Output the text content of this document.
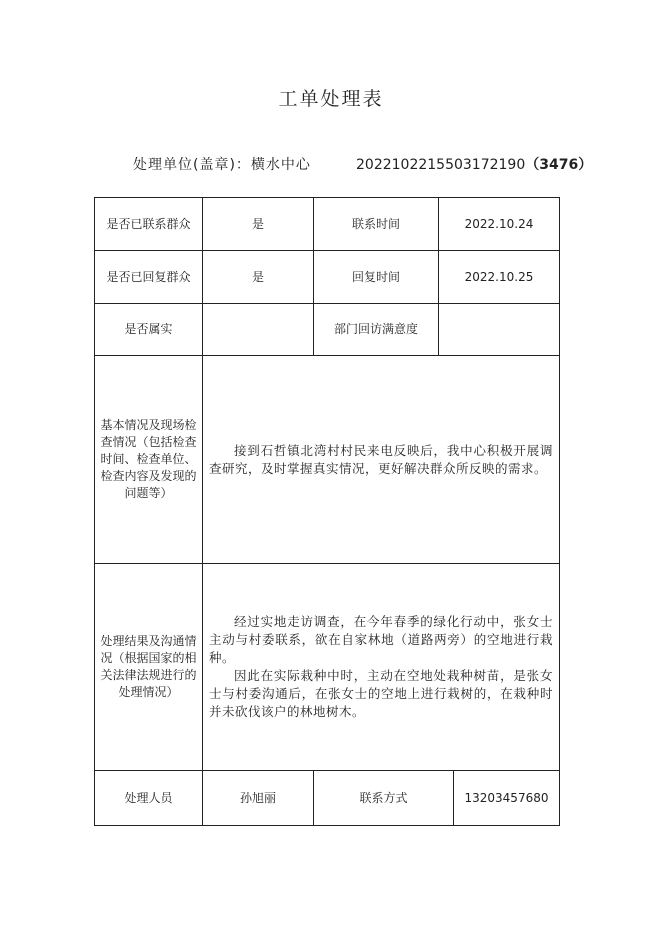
工单处理表
处理单位(盖章)：横水中心	2022102215503172190（3476）
是否已联系群众	是	联系时间	2022.10.24	
是否已回复群众	是	回复时间	2022.10.25	
是否属实		部门回访满意度		
基本情况及现场检查情况（包括检查时间、检查单位、检查内容及发现的问题等）	接到石哲镇北湾村村民来电反映后，我中心积极开展调查研究，及时掌握真实情况，更好解决群众所反映的需求。			

处理结果及沟通情况（根据国家的相关法律法规进行的处理情况）	经过实地走访调查，在今年春季的绿化行动中，张女士主动与村委联系，欲在自家林地（道路两旁）的空地进行栽种。

因此在实际栽种中时，主动在空地处栽种树苗，是张女士与村委沟通后，在张女士的空地上进行栽树的，在栽种时并未砍伐该户的林地树木。			

处理人员	孙旭丽	联系方式		13203457680
